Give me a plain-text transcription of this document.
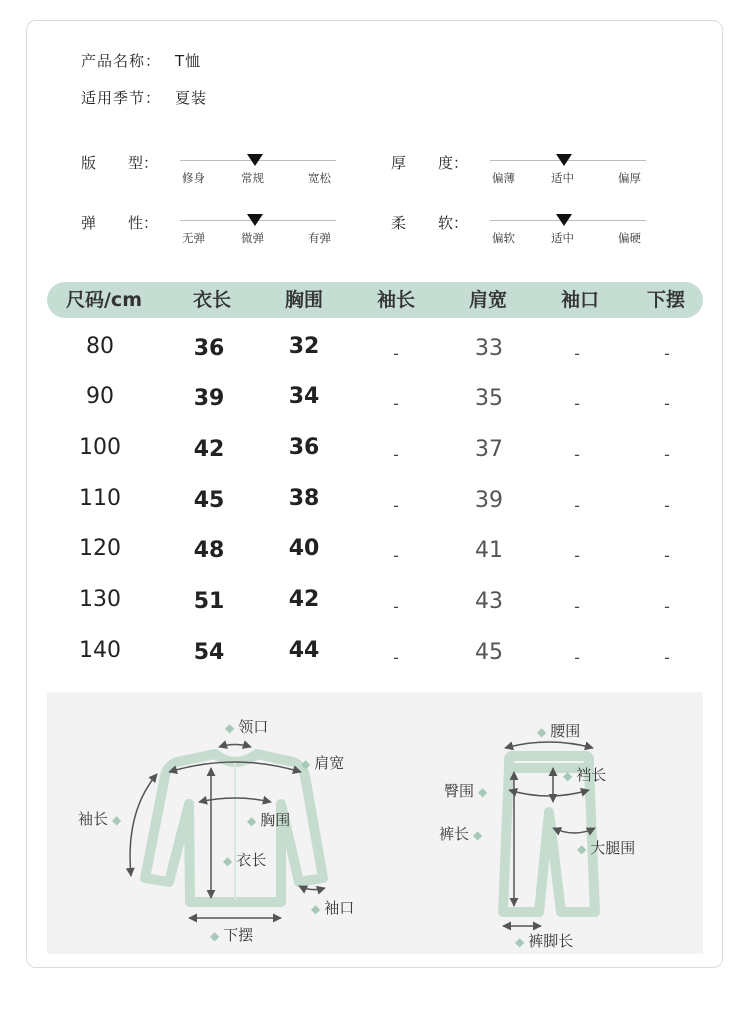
产品名称： T恤
适用季节： 夏装
版 型：
修身	常规	宽松
厚 度：
偏薄	适中	偏厚
弹 性：
无弹	微弹	有弹
柔 软：
偏软	适中	偏硬
尺码/cm	衣长	胸围	袖长	肩宽	袖口	下摆
80	36	32	-	33	-	-
90	39	34	-	35	-	-
100	42	36	-	37	-	-
110	45	38	-	39	-	-
120	48	40	-	41	-	-
130	51	42	-	43	-	-
140	54	44	-	45	-	-
◆ 领口
◆ 肩宽
袖长 ◆	◆ 胸围
◆ 衣长
◆ 袖口
◆ 下摆
◆ 腰围
◆ 裆长
臀围 ◆
裤长 ◆
◆ 大腿围
◆ 裤脚长
